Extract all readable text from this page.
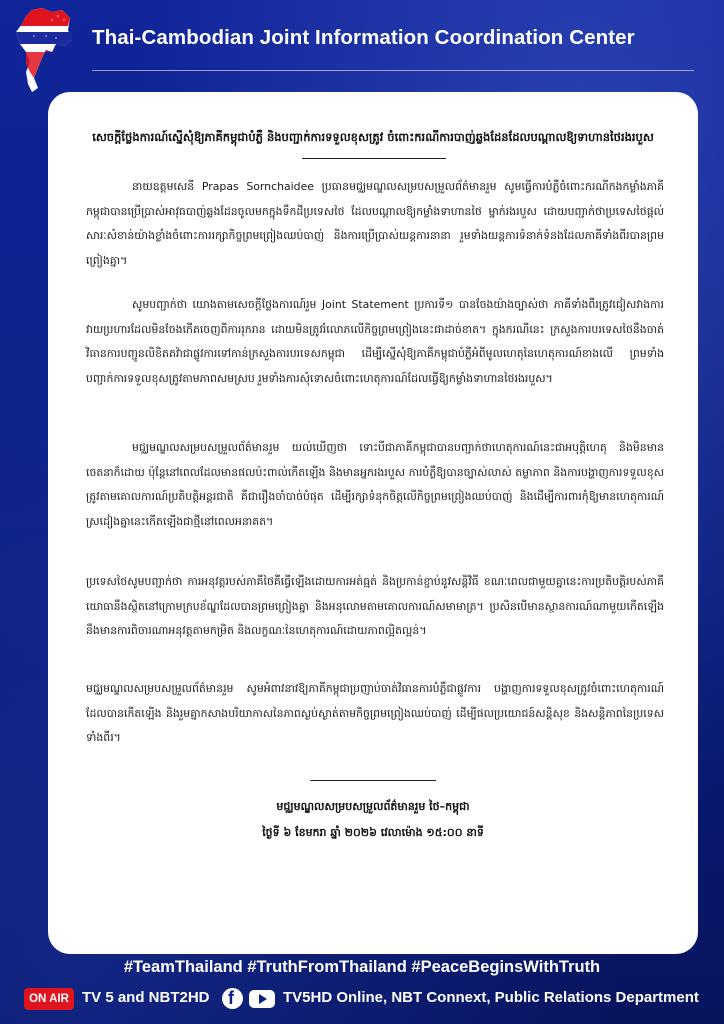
Thai-Cambodian Joint Information Coordination Center
សេចក្តីថ្លែងការណ៍ស្នើសុំឱ្យភាគីកម្ពុជាបំភ្លឺ និងបញ្ជាក់ការទទួលខុសត្រូវ ចំពោះករណីការបាញ់ឆ្លងដែនដែលបណ្តាលឱ្យទាហានថៃរងរបួស

នាយឧត្តមសេនី Prapas Sornchaidee ប្រធានមជ្ឈមណ្ឌលសម្របសម្រួលព័ត៌មានរួម សូមធ្វើការបំភ្លឺចំពោះករណីកងកម្លាំងភាគីកម្ពុជាបានប្រើប្រាស់អាវុធបាញ់ឆ្លងដែនចូលមកក្នុងទឹកដីប្រទេសថៃ ដែលបណ្តាលឱ្យកម្លាំងទាហានថៃ ម្នាក់រងរបួស ដោយបញ្ជាក់ថាប្រទេសថៃផ្តល់សារៈសំខាន់យ៉ាងខ្លាំងចំពោះការរក្សាកិច្ចព្រមព្រៀងឈប់បាញ់ និងការប្រើប្រាស់យន្តការនានា រួមទាំងយន្តការទំនាក់ទំនងដែលភាគីទាំងពីរបានព្រមព្រៀងគ្នា។

សូមបញ្ជាក់ថា យោងតាមសេចក្តីថ្លែងការណ៍រួម Joint Statement ប្រការទី១ បានចែងយ៉ាងច្បាស់ថា ភាគីទាំងពីរត្រូវជៀសវាងការវាយប្រហារដែលមិនចែងកើតចេញពីការរុករាន ដោយមិនត្រូវរំលោភលើកិច្ចព្រមព្រៀងនេះជាដាច់ខាត។ ក្នុងករណីនេះ ក្រសួងការបរទេសថៃនឹងចាត់វិធានការបញ្ជូនលិខិតតវ៉ាជាផ្លូវការទៅកាន់ក្រសួងការបរទេសកម្ពុជា ដើម្បីស្នើសុំឱ្យភាគីកម្ពុជាបំភ្លឺអំពីមូលហេតុនៃហេតុការណ៍ខាងលើ ព្រមទាំងបញ្ជាក់ការទទួលខុសត្រូវតាមភាពសមស្រប រួមទាំងការសុំទោសចំពោះហេតុការណ៍ដែលធ្វើឱ្យកម្លាំងទាហានថៃរងរបួស។

មជ្ឈមណ្ឌលសម្របសម្រួលព័ត៌មានរួម យល់ឃើញថា ទោះបីជាភាគីកម្ពុជាបានបញ្ជាក់ថាហេតុការណ៍នេះជាអបុត្តិហេតុ និងមិនមានចេតនាក៏ដោយ ប៉ុន្តែនៅពេលដែលមានផលប៉ះពាល់កើតឡើង និងមានអ្នករងរបួស ការបំភ្លឺឱ្យបានច្បាស់លាស់ តម្លាភាព និងការបង្ហាញការទទួលខុសត្រូវតាមគោលការណ៍ប្រតិបត្តិអន្តរជាតិ គឺជារឿងចាំបាច់បំផុត ដើម្បីរក្សាទំនុកចិត្តលើកិច្ចព្រមព្រៀងឈប់បាញ់ និងដើម្បីការពារកុំឱ្យមានហេតុការណ៍ស្រដៀងគ្នានេះកើតឡើងជាថ្មីនៅពេលអនាគត។

ប្រទេសថៃសូមបញ្ជាក់ថា ការអនុវត្តរបស់ភាគីថៃគឺធ្វើឡើងដោយការអត់ធ្មត់ និងប្រកាន់ខ្ជាប់នូវសន្តិវិធី ខណៈពេលជាមួយគ្នានេះការប្រតិបត្តិរបស់ភាគីយោធានឹងស្ថិតនៅក្រោមក្របខ័ណ្ឌដែលបានព្រមព្រៀងគ្នា និងអនុលោមតាមគោលការណ៍សមាមាត្រ។ ប្រសិនបើមានស្ថានការណ៍ណាមួយកើតឡើង នឹងមានការពិចារណាអនុវត្តតាមកម្រិត និងលក្ខណៈនៃហេតុការណ៍ដោយភាពល្អិតល្អន់។

មជ្ឈមណ្ឌលសម្របសម្រួលព័ត៌មានរួម សូមអំពាវនាវឱ្យភាគីកម្ពុជាប្រញាប់ចាត់វិធានការបំភ្លឺជាផ្លូវការ បង្ហាញការទទួលខុសត្រូវចំពោះហេតុការណ៍ដែលបានកើតឡើង និងរួមគ្នាកសាងបរិយាកាសនៃភាពស្ងប់ស្ងាត់តាមកិច្ចព្រមព្រៀងឈប់បាញ់ ដើម្បីផលប្រយោជន៍សន្តិសុខ និងសន្តិភាពនៃប្រទេសទាំងពីរ។

មជ្ឈមណ្ឌលសម្របសម្រួលព័ត៌មានរួម ថៃ–កម្ពុជា
ថ្ងៃទី ៦ ខែមករា ឆ្នាំ ២០២៦ វេលាម៉ោង ១៥:០០ នាទី
#TeamThailand #TruthFromThailand #PeaceBeginsWithTruth
ON AIR TV 5 and NBT2HD f	TV5HD Online, NBT Connext, Public Relations Department
